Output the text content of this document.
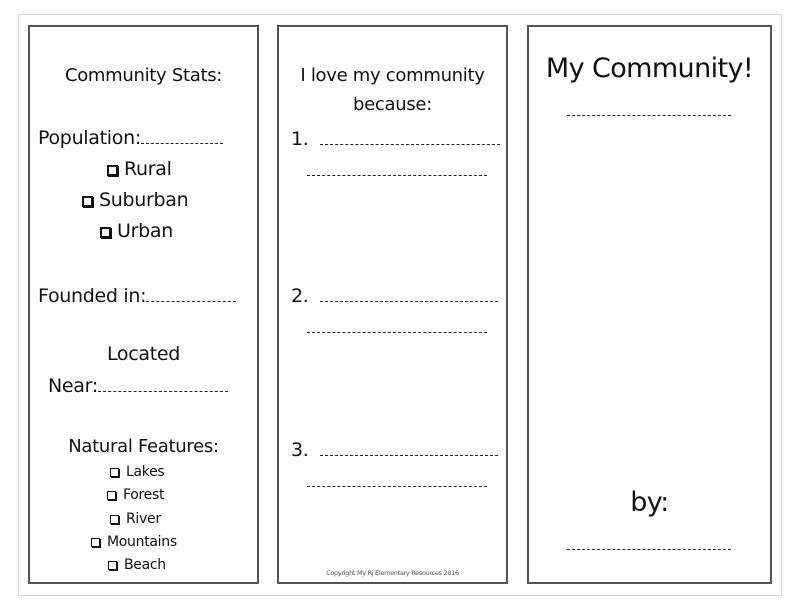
Community Stats:
Population:
Rural
Suburban
Urban
Founded in:
Located
Near:
Natural Features:
Lakes
Forest
River
Mountains
Beach
I love my community
because:
1.
2.
3.
Copyright My Rj Elementary Resources 2016
My Community!
by:
